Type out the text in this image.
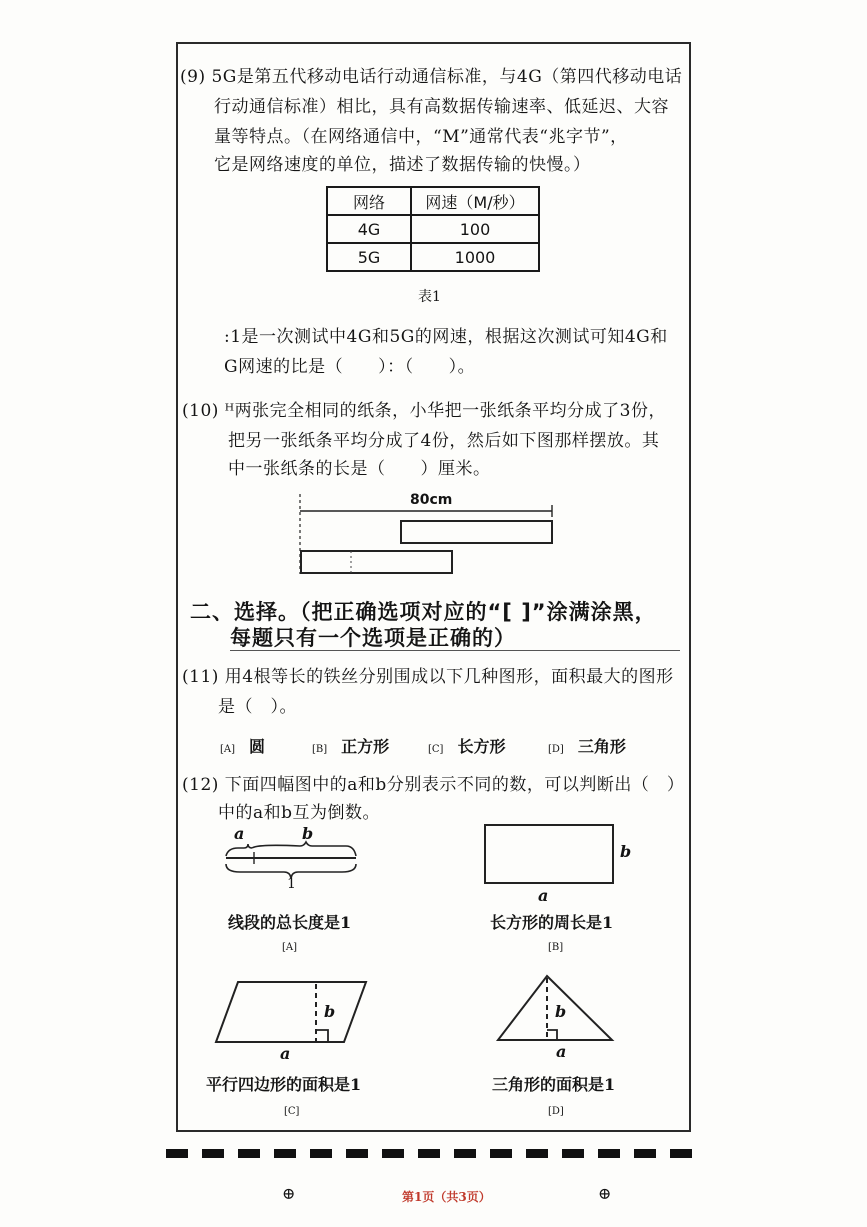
(9) 5G是第五代移动电话行动通信标准，与4G（第四代移动电话
行动通信标准）相比，具有高数据传输速率、低延迟、大容
量等特点。（在网络通信中，“M”通常代表“兆字节”，
它是网络速度的单位，描述了数据传输的快慢。）
网络	网速（M/秒）
4G	100
5G	1000
表1
:1是一次测试中4G和5G的网速，根据这次测试可知4G和
G网速的比是（　　）：（　　）。
(10) ᴴ两张完全相同的纸条，小华把一张纸条平均分成了3份，
把另一张纸条平均分成了4份，然后如下图那样摆放。其
中一张纸条的长是（　　）厘米。
80cm
二、选择。（把正确选项对应的“[ ]”涂满涂黑，
每题只有一个选项是正确的）
(11) 用4根等长的铁丝分别围成以下几种图形，面积最大的图形
是（　）。
[A] 圆	[B] 正方形	[C] 长方形	[D] 三角形
(12) 下面四幅图中的a和b分别表示不同的数，可以判断出（　）
中的a和b互为倒数。
a	b
1
线段的总长度是1
[A]
b
a
长方形的周长是1
[B]
b
a
平行四边形的面积是1
[C]
b
a
三角形的面积是1
[D]
⊕	第1页（共3页）	⊕
